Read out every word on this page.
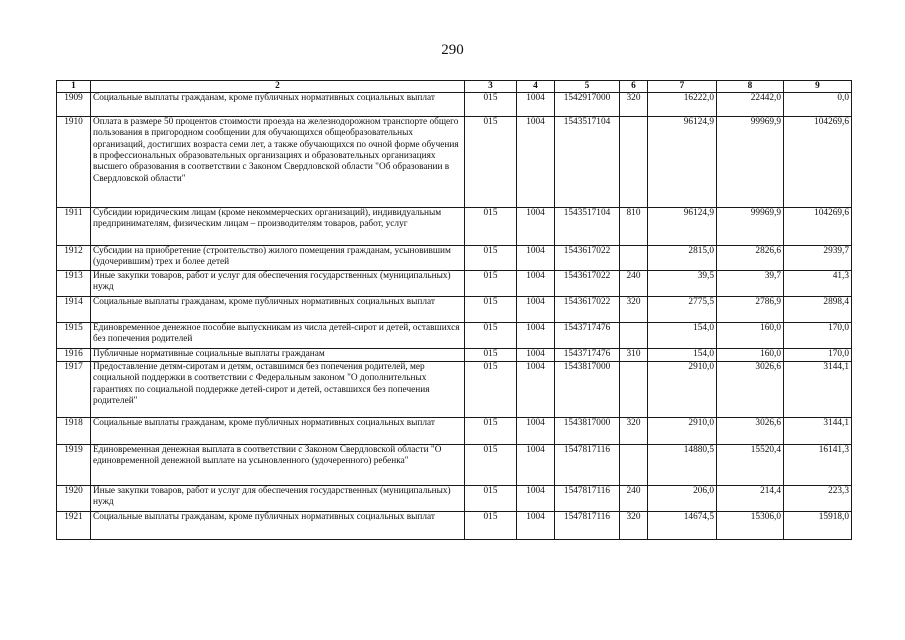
290
1	2	3	4	5	6	7	8	9
1909	Социальные выплаты гражданам, кроме публичных нормативных социальных выплат	015	1004	1542917000	320	16222,0	22442,0	0,0
1910	Оплата в размере 50 процентов стоимости проезда на железнодорожном транспорте общего пользования в пригородном сообщении для обучающихся общеобразовательных организаций, достигших возраста семи лет, а также обучающихся по очной форме обучения в профессиональных образовательных организациях и образовательных организациях высшего образования в соответствии с Законом Свердловской области "Об образовании в Свердловской области"	015	1004	1543517104		96124,9	99969,9	104269,6
1911	Субсидии юридическим лицам (кроме некоммерческих организаций), индивидуальным предпринимателям, физическим лицам – производителям товаров, работ, услуг	015	1004	1543517104	810	96124,9	99969,9	104269,6
1912	Субсидии на приобретение (строительство) жилого помещения гражданам, усыновившим (удочерившим) трех и более детей	015	1004	1543617022		2815,0	2826,6	2939,7
1913	Иные закупки товаров, работ и услуг для обеспечения государственных (муниципальных) нужд	015	1004	1543617022	240	39,5	39,7	41,3
1914	Социальные выплаты гражданам, кроме публичных нормативных социальных выплат	015	1004	1543617022	320	2775,5	2786,9	2898,4
1915	Единовременное денежное пособие выпускникам из числа детей-сирот и детей, оставшихся без попечения родителей	015	1004	1543717476		154,0	160,0	170,0
1916	Публичные нормативные социальные выплаты гражданам	015	1004	1543717476	310	154,0	160,0	170,0
1917	Предоставление детям-сиротам и детям, оставшимся без попечения родителей, мер социальной поддержки в соответствии с Федеральным законом "О дополнительных гарантиях по социальной поддержке детей-сирот и детей, оставшихся без попечения родителей"	015	1004	1543817000		2910,0	3026,6	3144,1
1918	Социальные выплаты гражданам, кроме публичных нормативных социальных выплат	015	1004	1543817000	320	2910,0	3026,6	3144,1
1919	Единовременная денежная выплата в соответствии с Законом Свердловской области "О единовременной денежной выплате на усыновленного (удочеренного) ребенка"	015	1004	1547817116		14880,5	15520,4	16141,3
1920	Иные закупки товаров, работ и услуг для обеспечения государственных (муниципальных) нужд	015	1004	1547817116	240	206,0	214,4	223,3
1921	Социальные выплаты гражданам, кроме публичных нормативных социальных выплат	015	1004	1547817116	320	14674,5	15306,0	15918,0
